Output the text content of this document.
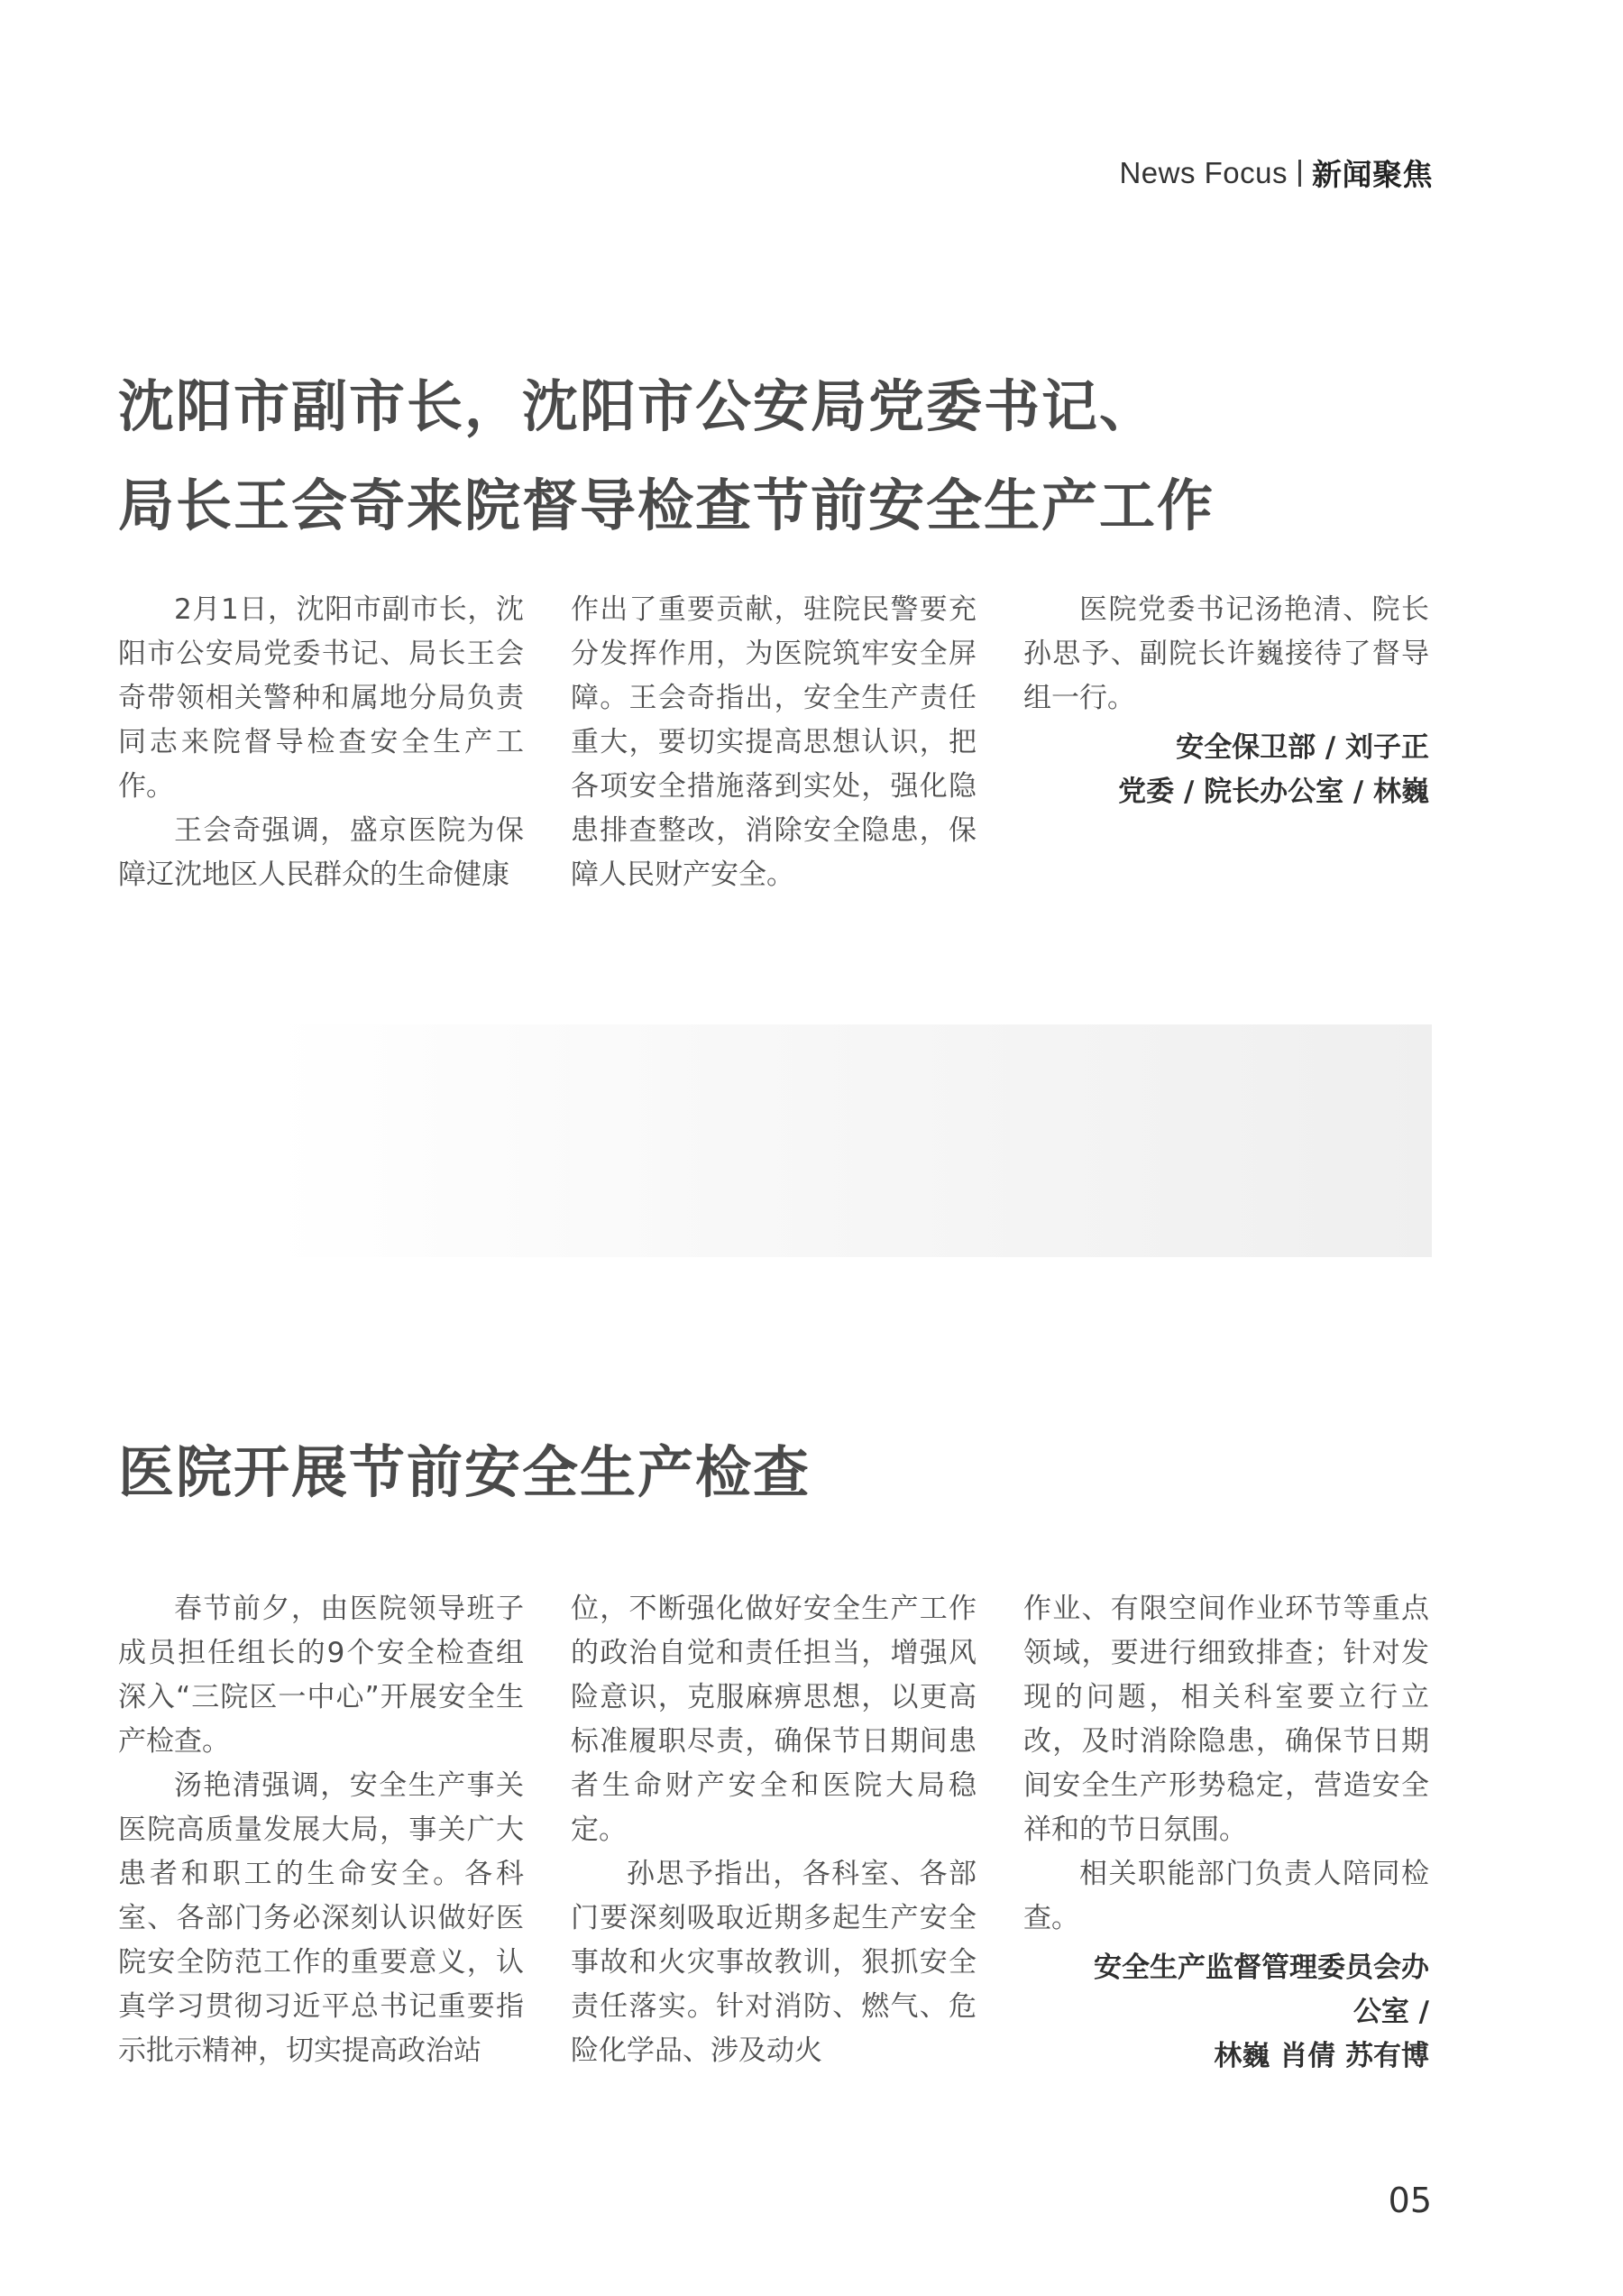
News Focus 新闻聚焦
沈阳市副市长，沈阳市公安局党委书记、
局长王会奇来院督导检查节前安全生产工作

2月1日，沈阳市副市长，沈阳市公安局党委书记、局长王会奇带领相关警种和属地分局负责同志来院督导检查安全生产工作。

王会奇强调，盛京医院为保障辽沈地区人民群众的生命健康

作出了重要贡献，驻院民警要充分发挥作用，为医院筑牢安全屏障。王会奇指出，安全生产责任重大，要切实提高思想认识，把各项安全措施落到实处，强化隐患排查整改，消除安全隐患，保障人民财产安全。

医院党委书记汤艳清、院长孙思予、副院长许巍接待了督导组一行。

安全保卫部 / 刘子正

党委 / 院长办公室 / 林巍

医院开展节前安全生产检查

春节前夕，由医院领导班子成员担任组长的9个安全检查组深入“三院区一中心”开展安全生产检查。

汤艳清强调，安全生产事关医院高质量发展大局，事关广大患者和职工的生命安全。各科室、各部门务必深刻认识做好医院安全防范工作的重要意义，认真学习贯彻习近平总书记重要指示批示精神，切实提高政治站

位，不断强化做好安全生产工作的政治自觉和责任担当，增强风险意识，克服麻痹思想，以更高标准履职尽责，确保节日期间患者生命财产安全和医院大局稳定。

孙思予指出，各科室、各部门要深刻吸取近期多起生产安全事故和火灾事故教训，狠抓安全责任落实。针对消防、燃气、危险化学品、涉及动火

作业、有限空间作业环节等重点领域，要进行细致排查；针对发现的问题，相关科室要立行立改，及时消除隐患，确保节日期间安全生产形势稳定，营造安全祥和的节日氛围。

相关职能部门负责人陪同检查。

安全生产监督管理委员会办公室 /

林巍 肖倩 苏有博

05
